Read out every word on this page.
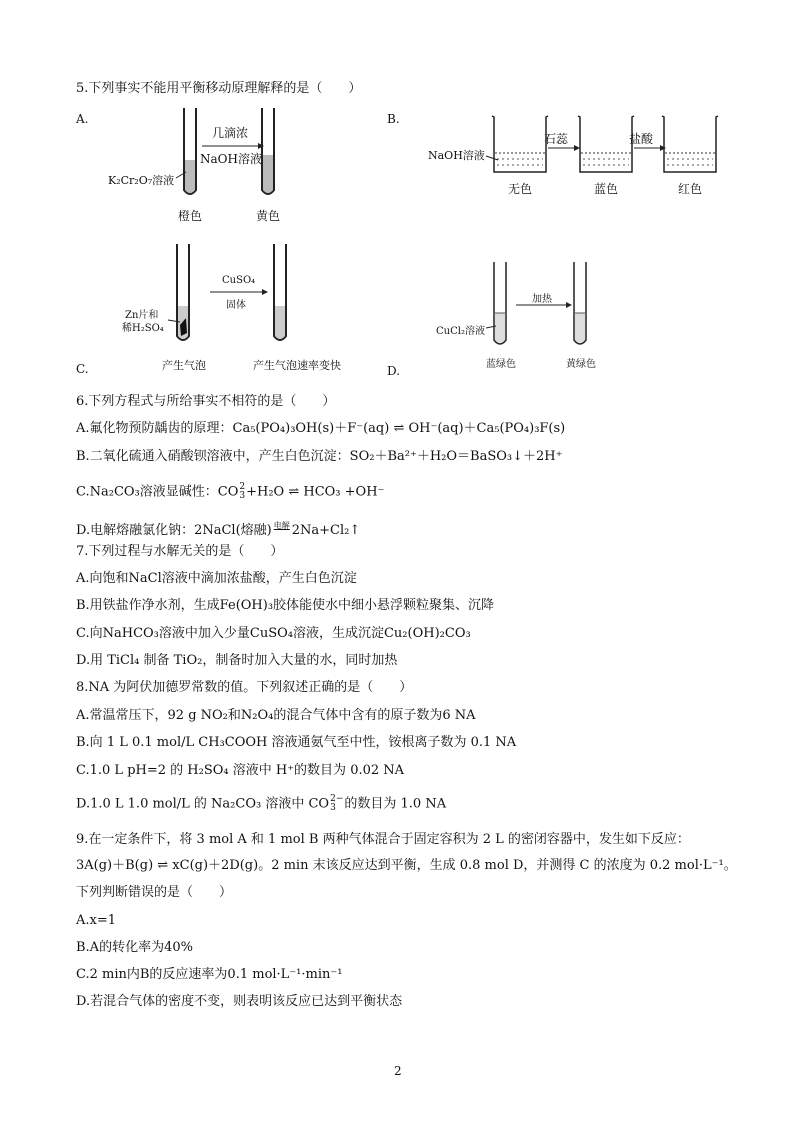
5.下列事实不能用平衡移动原理解释的是（　　）
A.
几滴浓
NaOH溶液
K₂Cr₂O₇溶液
橙色	黄色
B.
NaOH溶液
石蕊	盐酸
无色	蓝色	红色
CuSO₄
固体
Zn片和
稀H₂SO₄
C.	产生气泡	产生气泡速率变快
加热
CuCl₂溶液
蓝绿色	黄绿色
D.
6.下列方程式与所给事实不相符的是（　　）
A.氟化物预防龋齿的原理：Ca₅(PO₄)₃OH(s)＋F⁻(aq) ⇌ OH⁻(aq)＋Ca₅(PO₄)₃F(s)
B.二氧化硫通入硝酸钡溶液中，产生白色沉淀：SO₂＋Ba²⁺＋H₂O＝BaSO₃↓＋2H⁺
C.Na₂CO₃溶液显碱性：CO 2
3 +H₂O ⇌ HCO₃ +OH⁻
D.电解熔融氯化钠：2NaCl(熔融) 电解 2Na+Cl₂↑
7.下列过程与水解无关的是（　　）
A.向饱和NaCl溶液中滴加浓盐酸，产生白色沉淀
B.用铁盐作净水剂，生成Fe(OH)₃胶体能使水中细小悬浮颗粒聚集、沉降
C.向NaHCO₃溶液中加入少量CuSO₄溶液，生成沉淀Cu₂(OH)₂CO₃
D.用 TiCl₄ 制备 TiO₂，制备时加入大量的水，同时加热
8.NA 为阿伏加德罗常数的值。下列叙述正确的是（　　）
A.常温常压下，92 g NO₂和N₂O₄的混合气体中含有的原子数为6 NA
B.向 1 L 0.1 mol/L CH₃COOH 溶液通氨气至中性，铵根离子数为 0.1 NA
C.1.0 L pH=2 的 H₂SO₄ 溶液中 H⁺的数目为 0.02 NA
D.1.0 L 1.0 mol/L 的 Na₂CO₃ 溶液中 CO 2−
3 的数目为 1.0 NA
9.在一定条件下，将 3 mol A 和 1 mol B 两种气体混合于固定容积为 2 L 的密闭容器中，发生如下反应：
3A(g)＋B(g) ⇌ xC(g)＋2D(g)。2 min 末该反应达到平衡，生成 0.8 mol D，并测得 C 的浓度为 0.2 mol·L⁻¹。
下列判断错误的是（　　）
A.x=1
B.A的转化率为40%
C.2 min内B的反应速率为0.1 mol·L⁻¹·min⁻¹
D.若混合气体的密度不变，则表明该反应已达到平衡状态
2
